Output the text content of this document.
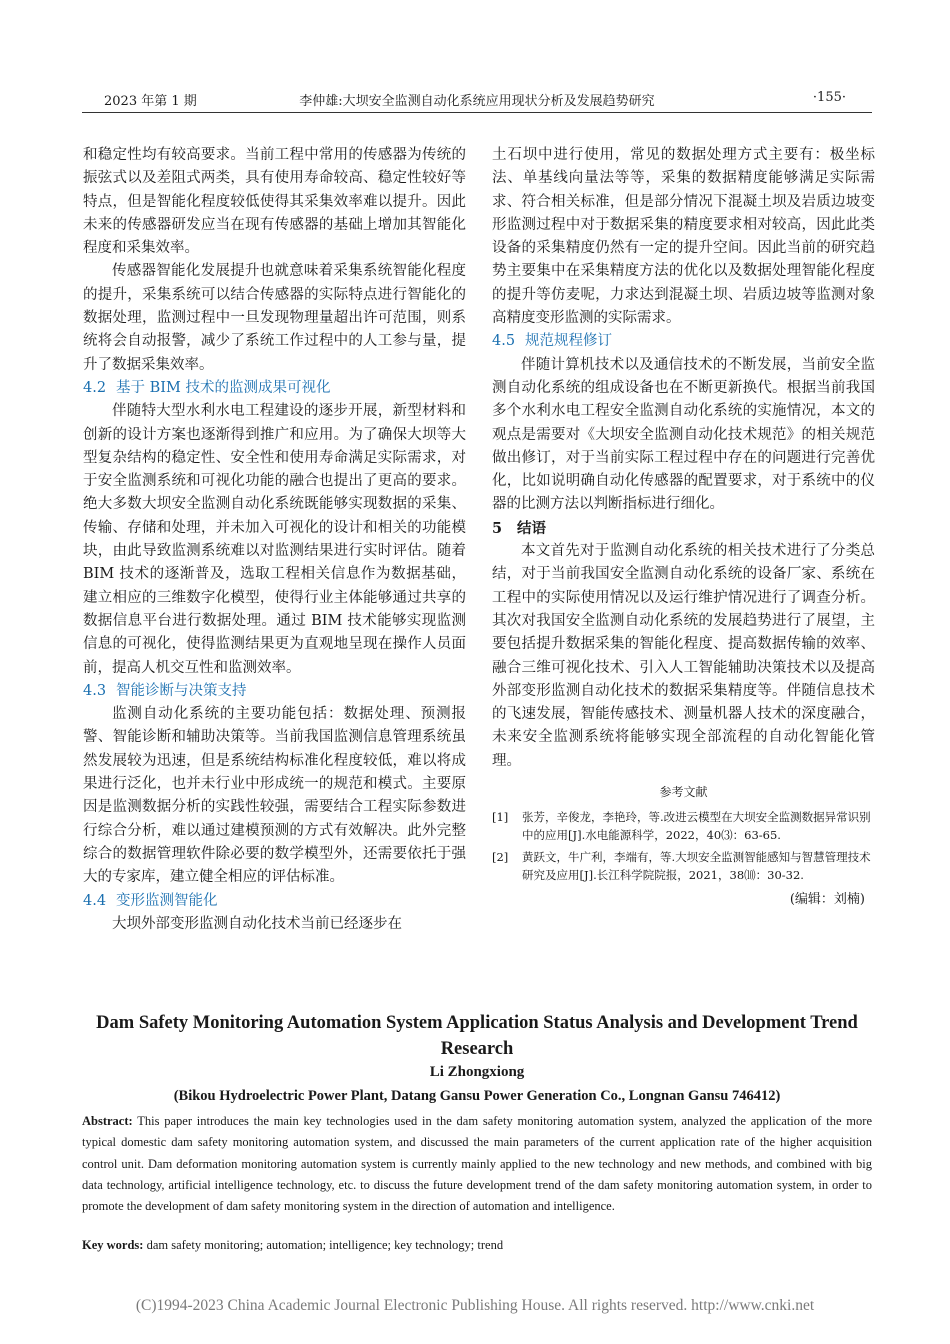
2023 年第 1 期	李仲雄:大坝安全监测自动化系统应用现状分析及发展趋势研究	·155·

和稳定性均有较高要求。当前工程中常用的传感器为传统的振弦式以及差阻式两类，具有使用寿命较高、稳定性较好等特点，但是智能化程度较低使得其采集效率难以提升。因此未来的传感器研发应当在现有传感器的基础上增加其智能化程度和采集效率。

传感器智能化发展提升也就意味着采集系统智能化程度的提升，采集系统可以结合传感器的实际特点进行智能化的数据处理，监测过程中一旦发现物理量超出许可范围，则系统将会自动报警，减少了系统工作过程中的人工参与量，提升了数据采集效率。

4.2 基于 BIM 技术的监测成果可视化

伴随特大型水利水电工程建设的逐步开展，新型材料和创新的设计方案也逐渐得到推广和应用。为了确保大坝等大型复杂结构的稳定性、安全性和使用寿命满足实际需求，对于安全监测系统和可视化功能的融合也提出了更高的要求。绝大多数大坝安全监测自动化系统既能够实现数据的采集、传输、存储和处理，并未加入可视化的设计和相关的功能模块，由此导致监测系统难以对监测结果进行实时评估。随着 BIM 技术的逐渐普及，选取工程相关信息作为数据基础，建立相应的三维数字化模型，使得行业主体能够通过共享的数据信息平台进行数据处理。通过 BIM 技术能够实现监测信息的可视化，使得监测结果更为直观地呈现在操作人员面前，提高人机交互性和监测效率。

4.3 智能诊断与决策支持

监测自动化系统的主要功能包括：数据处理、预测报警、智能诊断和辅助决策等。当前我国监测信息管理系统虽然发展较为迅速，但是系统结构标准化程度较低，难以将成果进行泛化，也并未行业中形成统一的规范和模式。主要原因是监测数据分析的实践性较强，需要结合工程实际参数进行综合分析，难以通过建模预测的方式有效解决。此外完整综合的数据管理软件除必要的数学模型外，还需要依托于强大的专家库，建立健全相应的评估标准。

4.4 变形监测智能化

大坝外部变形监测自动化技术当前已经逐步在

土石坝中进行使用，常见的数据处理方式主要有：极坐标法、单基线向量法等等，采集的数据精度能够满足实际需求、符合相关标准，但是部分情况下混凝土坝及岩质边坡变形监测过程中对于数据采集的精度要求相对较高，因此此类设备的采集精度仍然有一定的提升空间。因此当前的研究趋势主要集中在采集精度方法的优化以及数据处理智能化程度的提升等仿麦呢，力求达到混凝土坝、岩质边坡等监测对象高精度变形监测的实际需求。

4.5 规范规程修订

伴随计算机技术以及通信技术的不断发展，当前安全监测自动化系统的组成设备也在不断更新换代。根据当前我国多个水利水电工程安全监测自动化系统的实施情况，本文的观点是需要对《大坝安全监测自动化技术规范》的相关规范做出修订，对于当前实际工程过程中存在的问题进行完善优化，比如说明确自动化传感器的配置要求，对于系统中的仪器的比测方法以判断指标进行细化。

5 结语

本文首先对于监测自动化系统的相关技术进行了分类总结，对于当前我国安全监测自动化系统的设备厂家、系统在工程中的实际使用情况以及运行维护情况进行了调查分析。其次对我国安全监测自动化系统的发展趋势进行了展望，主要包括提升数据采集的智能化程度、提高数据传输的效率、融合三维可视化技术、引入人工智能辅助决策技术以及提高外部变形监测自动化技术的数据采集精度等。伴随信息技术的飞速发展，智能传感技术、测量机器人技术的深度融合，未来安全监测系统将能够实现全部流程的自动化智能化管理。

参考文献
[1]	张芳，辛俊龙，李艳玲，等.改进云模型在大坝安全监测数据异常识别中的应用[J].水电能源科学，2022，40⑶：63-65.
[2]	黄跃文，牛广利，李端有，等.大坝安全监测智能感知与智慧管理技术研究及应用[J].长江科学院院报，2021，38⑽：30-32.
(编辑：刘楠)
Dam Safety Monitoring Automation System Application Status Analysis and Development Trend Research
Li Zhongxiong
(Bikou Hydroelectric Power Plant, Datang Gansu Power Generation Co., Longnan Gansu 746412)
Abstract: This paper introduces the main key technologies used in the dam safety monitoring automation system, analyzed the application of the more typical domestic dam safety monitoring automation system, and discussed the main parameters of the current application rate of the higher acquisition control unit. Dam deformation monitoring automation system is currently mainly applied to the new technology and new methods, and combined with big data technology, artificial intelligence technology, etc. to discuss the future development trend of the dam safety monitoring automation system, in order to promote the development of dam safety monitoring system in the direction of automation and intelligence.
Key words: dam safety monitoring; automation; intelligence; key technology; trend
(C)1994-2023 China Academic Journal Electronic Publishing House. All rights reserved. http://www.cnki.net
